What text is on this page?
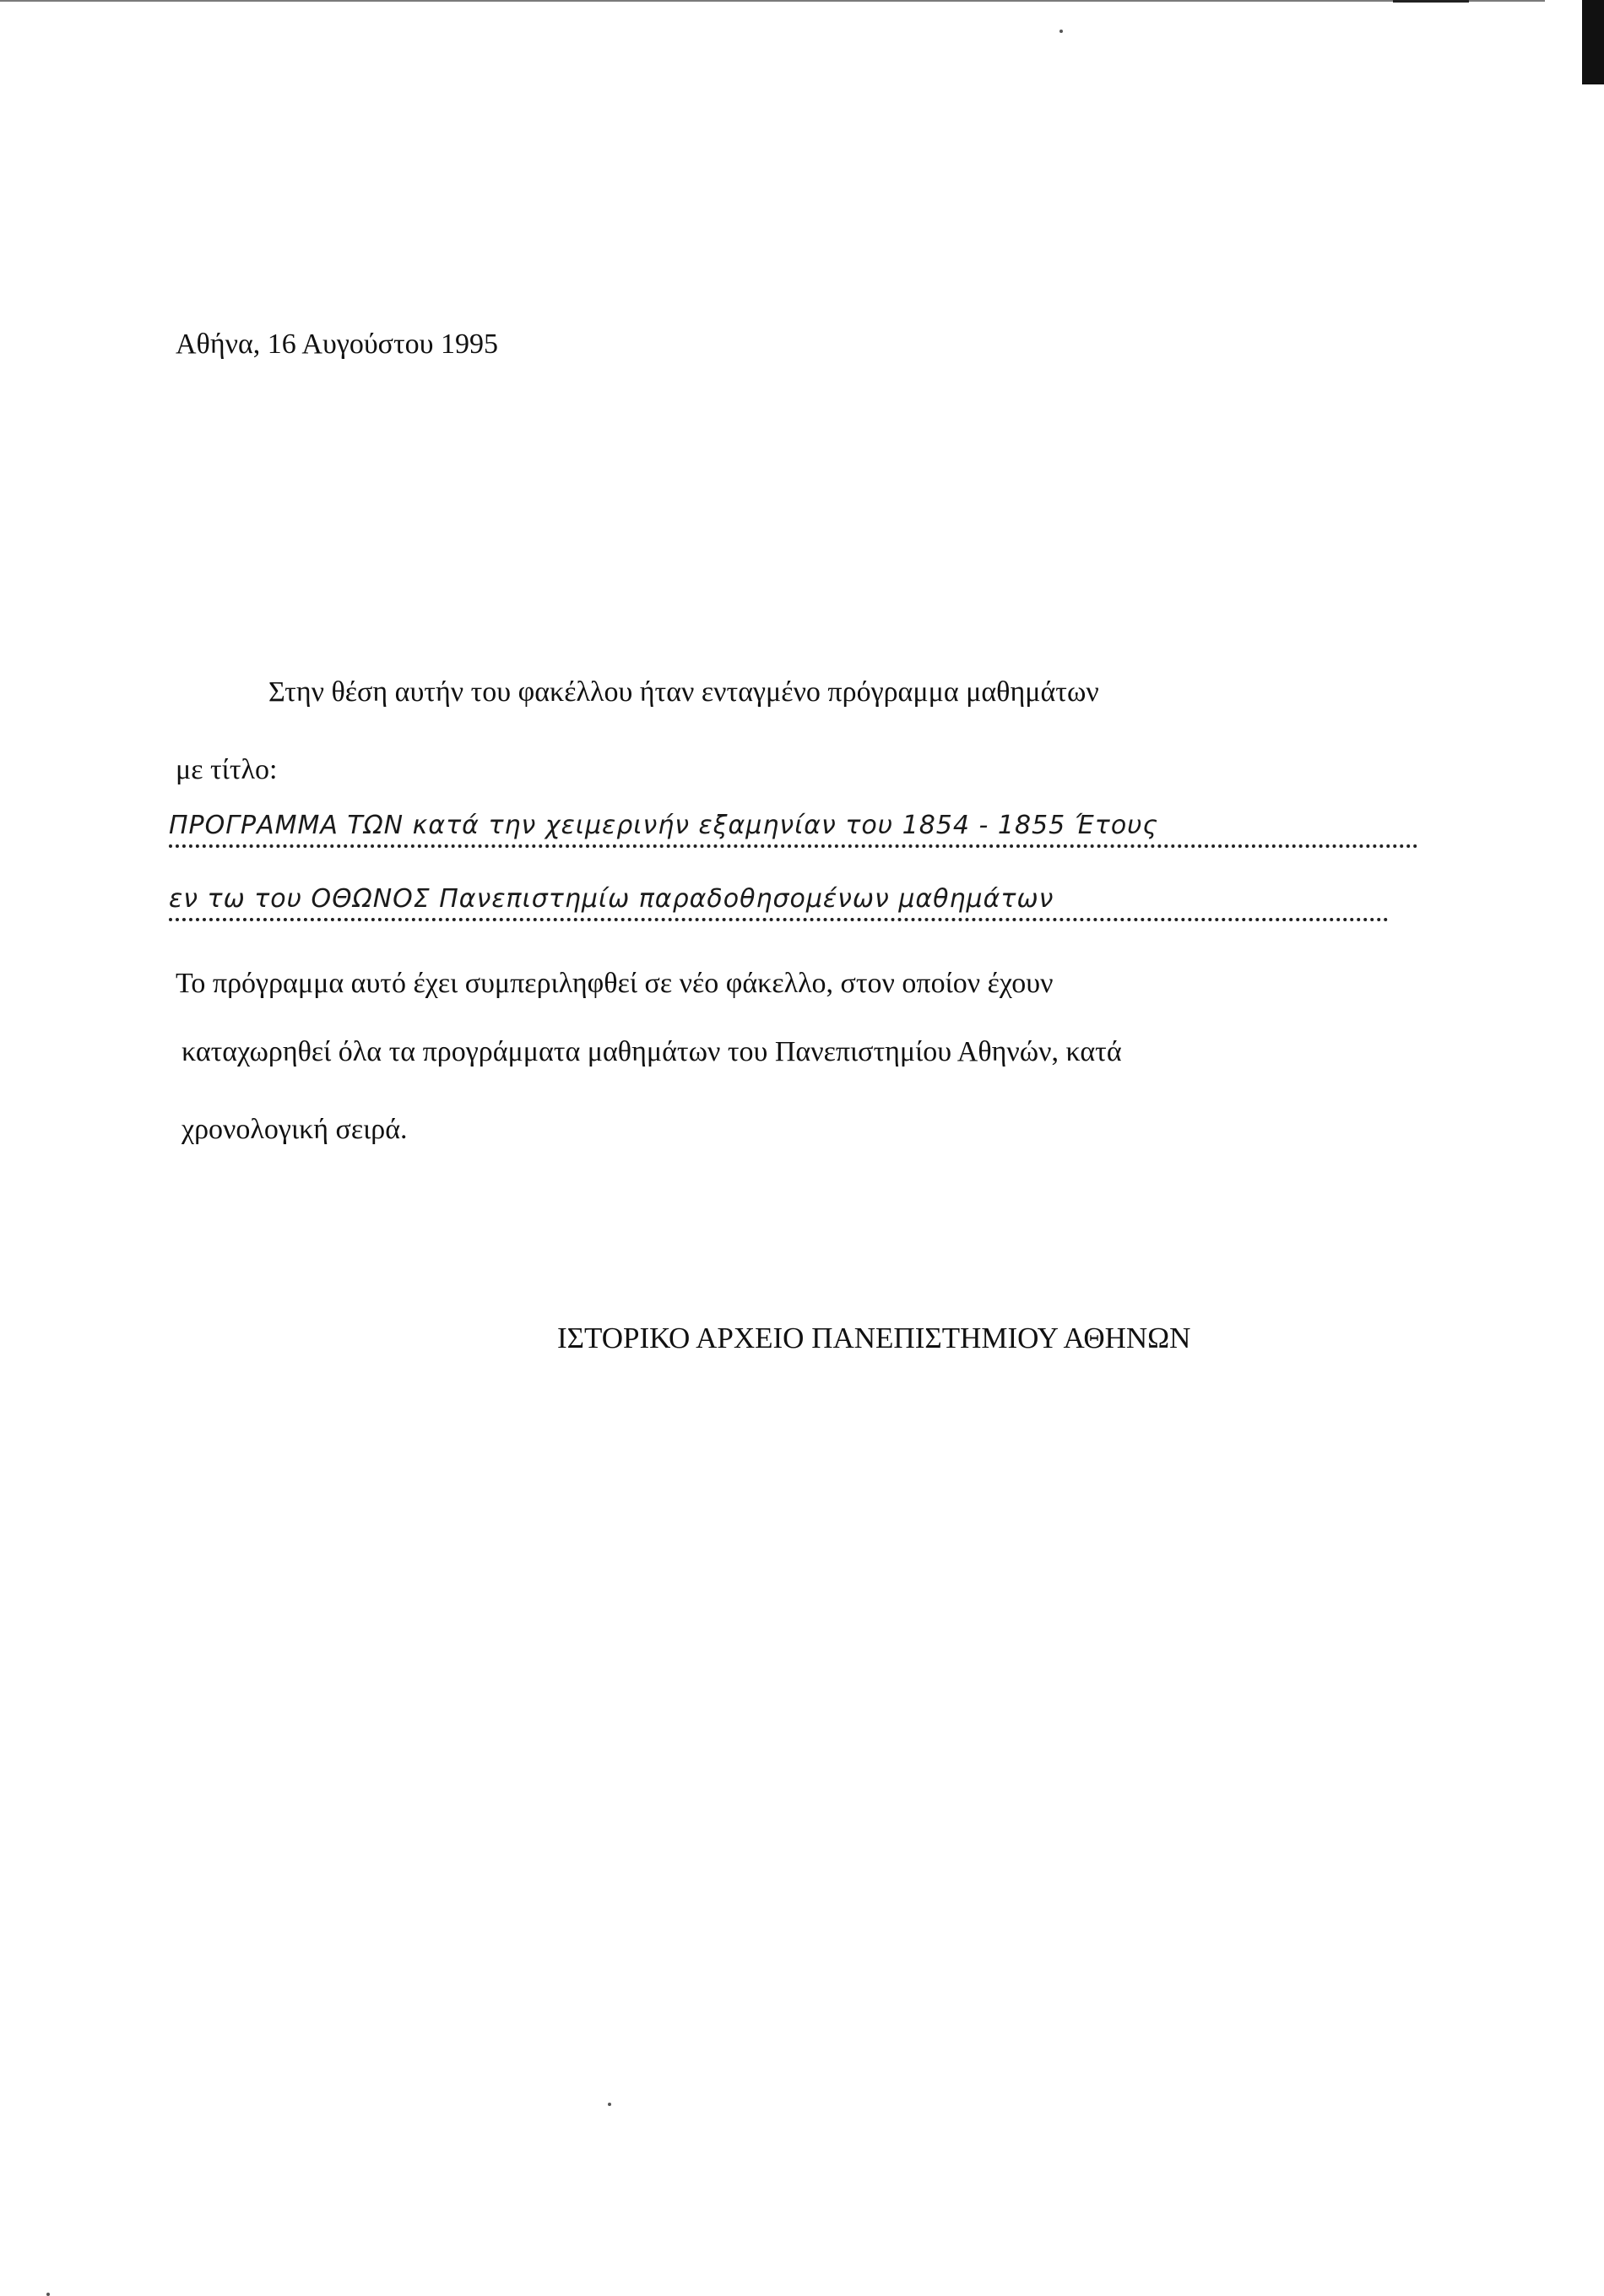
Αθήνα, 16 Αυγούστου 1995
Στην θέση αυτήν του φακέλλου ήταν ενταγμένο πρόγραμμα μαθημάτων
με τίτλο:
ΠΡΟΓΡΑΜΜΑ ΤΩΝ κατά την χειμερινήν εξαμηνίαν του 1854 - 1855 Έτους
εν τω του ΟΘΩΝΟΣ Πανεπιστημίω παραδοθησομένων μαθημάτων
Το πρόγραμμα αυτό έχει συμπεριληφθεί σε νέο φάκελλο, στον οποίον έχουν
καταχωρηθεί όλα τα προγράμματα μαθημάτων του Πανεπιστημίου Αθηνών, κατά
χρονολογική σειρά.
ΙΣΤΟΡΙΚΟ ΑΡΧΕΙΟ ΠΑΝΕΠΙΣΤΗΜΙΟΥ ΑΘΗΝΩΝ
